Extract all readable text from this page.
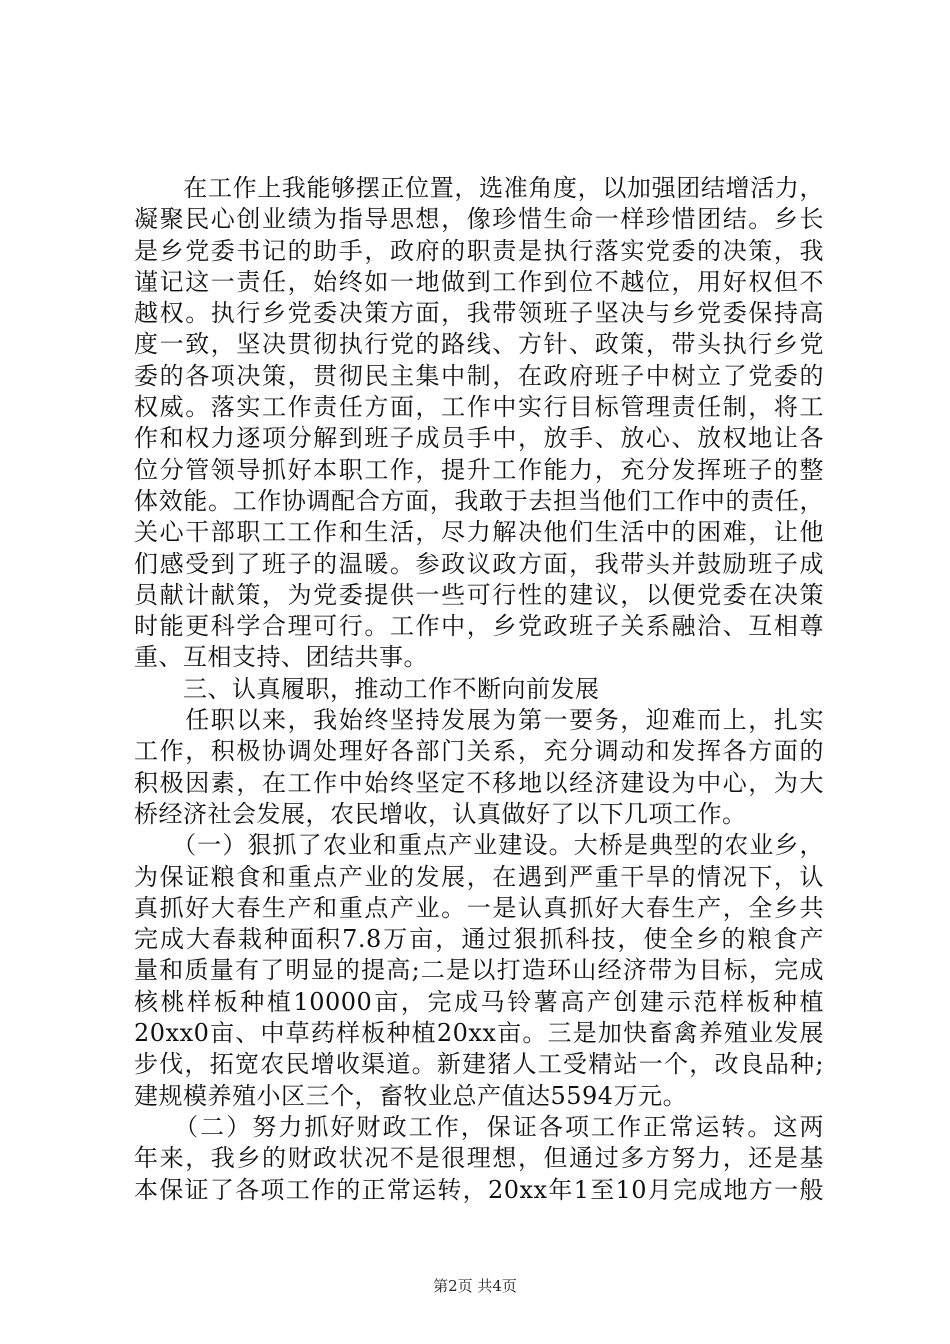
　　在工作上我能够摆正位置，选准角度，以加强团结增活力，
凝聚民心创业绩为指导思想，像珍惜生命一样珍惜团结。乡长
是乡党委书记的助手，政府的职责是执行落实党委的决策，我
谨记这一责任，始终如一地做到工作到位不越位，用好权但不
越权。执行乡党委决策方面，我带领班子坚决与乡党委保持高
度一致，坚决贯彻执行党的路线、方针、政策，带头执行乡党
委的各项决策，贯彻民主集中制，在政府班子中树立了党委的
权威。落实工作责任方面，工作中实行目标管理责任制，将工
作和权力逐项分解到班子成员手中，放手、放心、放权地让各
位分管领导抓好本职工作，提升工作能力，充分发挥班子的整
体效能。工作协调配合方面，我敢于去担当他们工作中的责任，
关心干部职工工作和生活，尽力解决他们生活中的困难，让他
们感受到了班子的温暖。参政议政方面，我带头并鼓励班子成
员献计献策，为党委提供一些可行性的建议，以便党委在决策
时能更科学合理可行。工作中，乡党政班子关系融洽、互相尊
重、互相支持、团结共事。
　　三、认真履职，推动工作不断向前发展
　　任职以来，我始终坚持发展为第一要务，迎难而上，扎实
工作，积极协调处理好各部门关系，充分调动和发挥各方面的
积极因素，在工作中始终坚定不移地以经济建设为中心，为大
桥经济社会发展，农民增收，认真做好了以下几项工作。
　　（一）狠抓了农业和重点产业建设。大桥是典型的农业乡，
为保证粮食和重点产业的发展，在遇到严重干旱的情况下，认
真抓好大春生产和重点产业。一是认真抓好大春生产，全乡共
完成大春栽种面积7.8万亩，通过狠抓科技，使全乡的粮食产
量和质量有了明显的提高;二是以打造环山经济带为目标，完成
核桃样板种植10000亩，完成马铃薯高产创建示范样板种植
20xx0亩、中草药样板种植20xx亩。三是加快畜禽养殖业发展
步伐，拓宽农民增收渠道。新建猪人工受精站一个，改良品种;
建规模养殖小区三个，畜牧业总产值达5594万元。
　　（二）努力抓好财政工作，保证各项工作正常运转。这两
年来，我乡的财政状况不是很理想，但通过多方努力，还是基
本保证了各项工作的正常运转，20xx年1至10月完成地方一般
第2页 共4页
